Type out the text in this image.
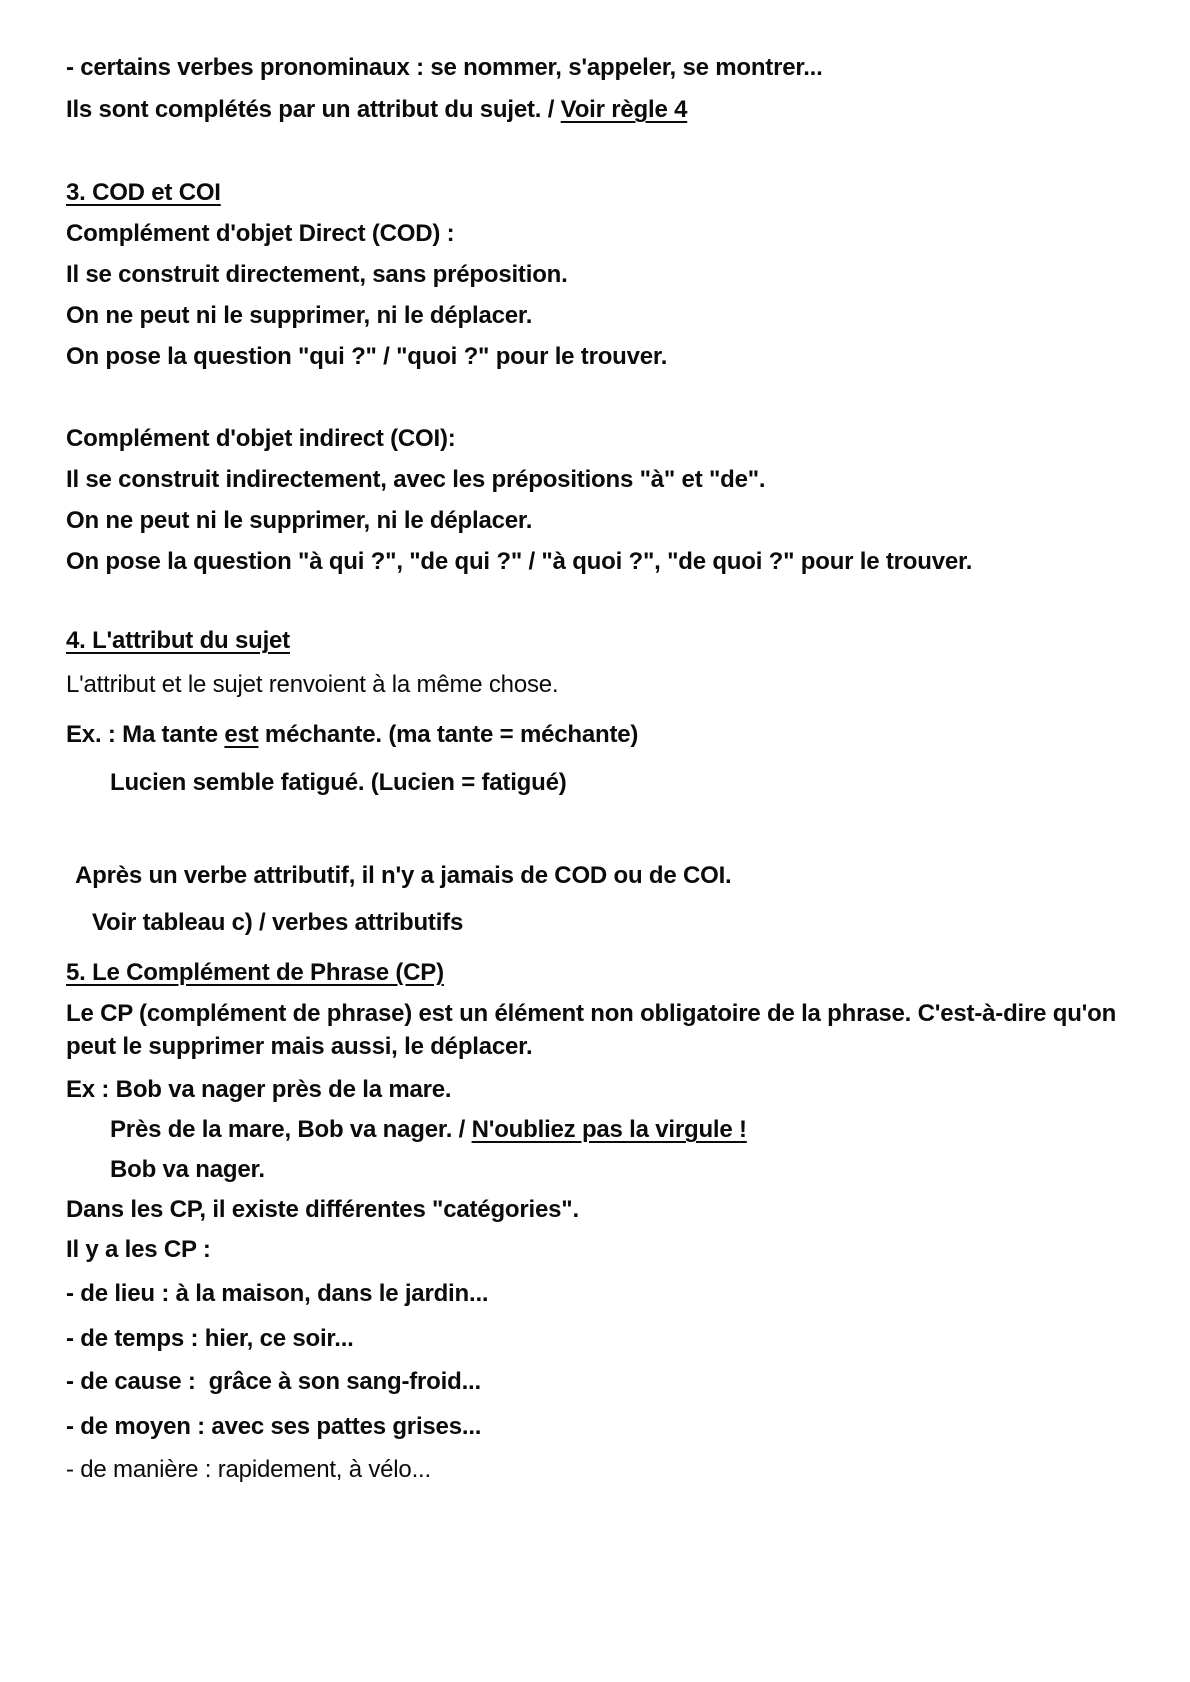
- certains verbes pronominaux : se nommer, s'appeler, se montrer...
Ils sont complétés par un attribut du sujet. / Voir règle 4
3. COD et COI
Complément d'objet Direct (COD) :
Il se construit directement, sans préposition.
On ne peut ni le supprimer, ni le déplacer.
On pose la question "qui ?" / "quoi ?" pour le trouver.
Complément d'objet indirect (COI):
Il se construit indirectement, avec les prépositions "à" et "de".
On ne peut ni le supprimer, ni le déplacer.
On pose la question "à qui ?", "de qui ?" / "à quoi ?", "de quoi ?" pour le trouver.
4. L'attribut du sujet
L'attribut et le sujet renvoient à la même chose.
Ex. : Ma tante est méchante. (ma tante = méchante)
Lucien semble fatigué. (Lucien = fatigué)
Après un verbe attributif, il n'y a jamais de COD ou de COI.
Voir tableau c) / verbes attributifs
5. Le Complément de Phrase (CP)
Le CP (complément de phrase) est un élément non obligatoire de la phrase. C'est-à-dire qu'on peut le supprimer mais aussi, le déplacer.
Ex : Bob va nager près de la mare.
Près de la mare, Bob va nager. / N'oubliez pas la virgule !
Bob va nager.
Dans les CP, il existe différentes "catégories".
Il y a les CP :
- de lieu : à la maison, dans le jardin...
- de temps : hier, ce soir...
- de cause :  grâce à son sang-froid...
- de moyen : avec ses pattes grises...
- de manière : rapidement, à vélo...
